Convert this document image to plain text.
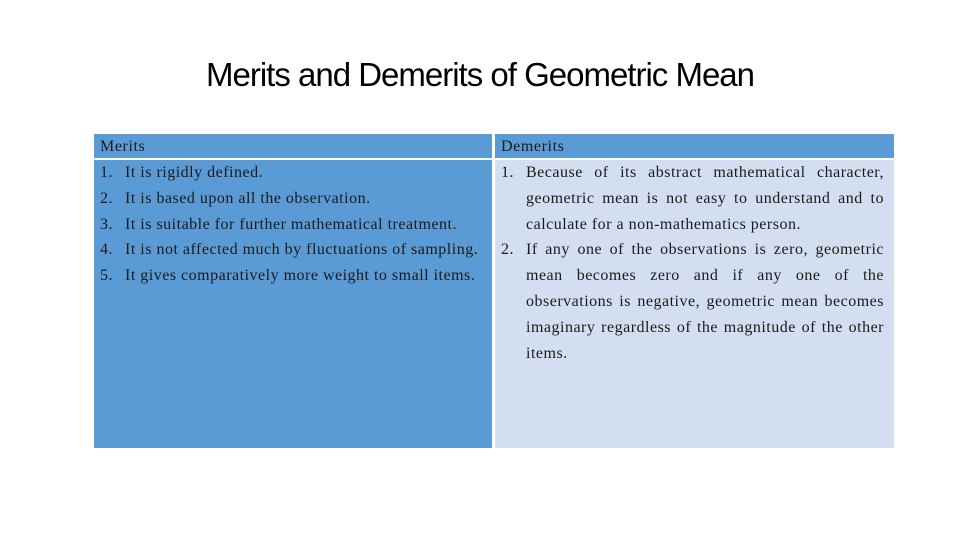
Merits and Demerits of Geometric Mean
Merits
1. It is rigidly defined.
2. It is based upon all the observation.
3. It is suitable for further mathematical treatment.
4. It is not affected much by fluctuations of sampling.
5. It gives comparatively more weight to small items.
Demerits
1. Because of its abstract mathematical character, geometric mean is not easy to understand and to calculate for a non-mathematics person.
2. If any one of the observations is zero, geometric mean becomes zero and if any one of the observations is negative, geometric mean becomes imaginary regardless of the magnitude of the other items.
